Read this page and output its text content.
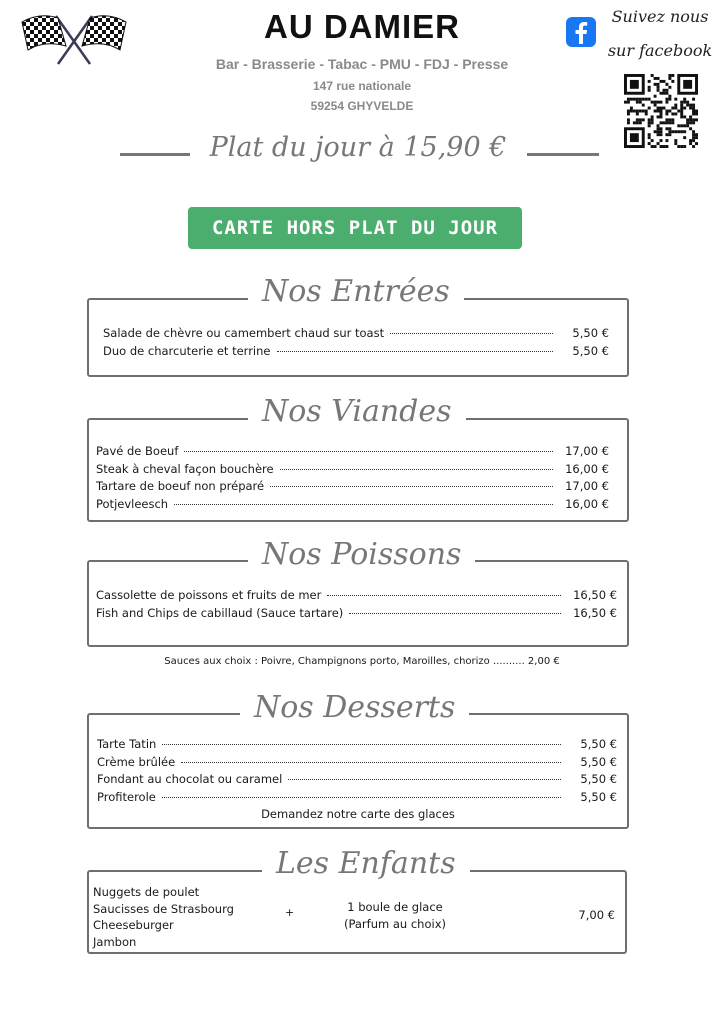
AU DAMIER
Bar - Brasserie - Tabac - PMU - FDJ - Presse
147 rue nationale
59254 GHYVELDE
Suivez nous
sur facebook
Plat du jour à 15,90 €
CARTE HORS PLAT DU JOUR
Salade de chèvre ou camembert chaud sur toast	5,50 €
Duo de charcuterie et terrine	5,50 €
Nos Entrées
Pavé de Boeuf	17,00 €
Steak à cheval façon bouchère	16,00 €
Tartare de boeuf non préparé	17,00 €
Potjevleesch	16,00 €
Nos Viandes
Cassolette de poissons et fruits de mer	16,50 €
Fish and Chips de cabillaud (Sauce tartare)	16,50 €
Nos Poissons
Sauces aux choix : Poivre, Champignons porto, Maroilles, chorizo .......... 2,00 €
Tarte Tatin	5,50 €
Crème brûlée	5,50 €
Fondant au chocolat ou caramel	5,50 €
Profiterole	5,50 €
Demandez notre carte des glaces
Nos Desserts
Nuggets de poulet
Saucisses de Strasbourg
Cheeseburger
Jambon
+	1 boule de glace
(Parfum au choix)
7,00 €
Les Enfants
